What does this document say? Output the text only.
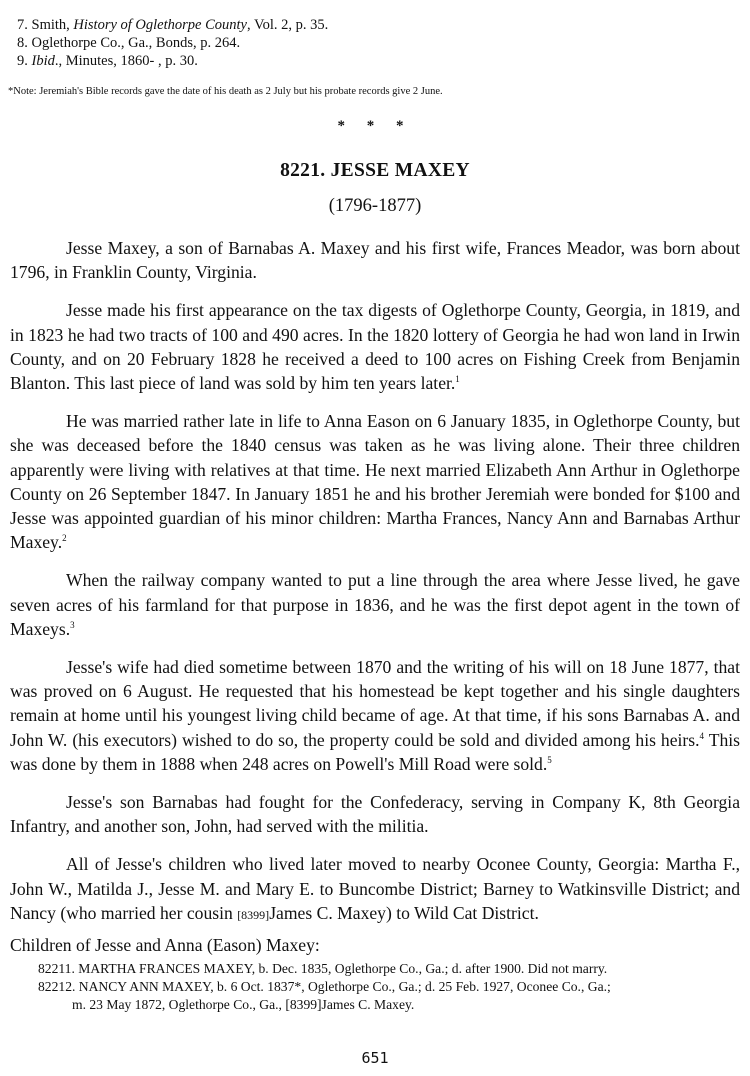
7. Smith, History of Oglethorpe County, Vol. 2, p. 35.
8. Oglethorpe Co., Ga., Bonds, p. 264.
9. Ibid., Minutes, 1860- , p. 30.
*Note: Jeremiah's Bible records gave the date of his death as 2 July but his probate records give 2 June.
* * *
8221. JESSE MAXEY
(1796-1877)

Jesse Maxey, a son of Barnabas A. Maxey and his first wife, Frances Meador, was born about 1796, in Franklin County, Virginia.

Jesse made his first appearance on the tax digests of Oglethorpe County, Georgia, in 1819, and in 1823 he had two tracts of 100 and 490 acres. In the 1820 lottery of Georgia he had won land in Irwin County, and on 20 February 1828 he received a deed to 100 acres on Fishing Creek from Benjamin Blanton. This last piece of land was sold by him ten years later.$^1$

He was married rather late in life to Anna Eason on 6 January 1835, in Oglethorpe County, but she was deceased before the 1840 census was taken as he was living alone. Their three children apparently were living with relatives at that time. He next married Elizabeth Ann Arthur in Oglethorpe County on 26 September 1847. In January 1851 he and his brother Jeremiah were bonded for $100 and Jesse was appointed guardian of his minor children: Martha Frances, Nancy Ann and Barnabas Arthur Maxey.$^2$

When the railway company wanted to put a line through the area where Jesse lived, he gave seven acres of his farmland for that purpose in 1836, and he was the first depot agent in the town of Maxeys.$^3$

Jesse's wife had died sometime between 1870 and the writing of his will on 18 June 1877, that was proved on 6 August. He requested that his homestead be kept together and his single daughters remain at home until his youngest living child became of age. At that time, if his sons Barnabas A. and John W. (his executors) wished to do so, the property could be sold and divided among his heirs.$^4$ This was done by them in 1888 when 248 acres on Powell's Mill Road were sold.$^5$

Jesse's son Barnabas had fought for the Confederacy, serving in Company K, 8th Georgia Infantry, and another son, John, had served with the militia.

All of Jesse's children who lived later moved to nearby Oconee County, Georgia: Martha F., John W., Matilda J., Jesse M. and Mary E. to Buncombe District; Barney to Watkinsville District; and Nancy (who married her cousin [8399]James C. Maxey) to Wild Cat District.

Children of Jesse and Anna (Eason) Maxey:
82211. MARTHA FRANCES MAXEY, b. Dec. 1835, Oglethorpe Co., Ga.; d. after 1900. Did not marry.
82212. NANCY ANN MAXEY, b. 6 Oct. 1837*, Oglethorpe Co., Ga.; d. 25 Feb. 1927, Oconee Co., Ga.;
m. 23 May 1872, Oglethorpe Co., Ga., [8399]James C. Maxey.
651
